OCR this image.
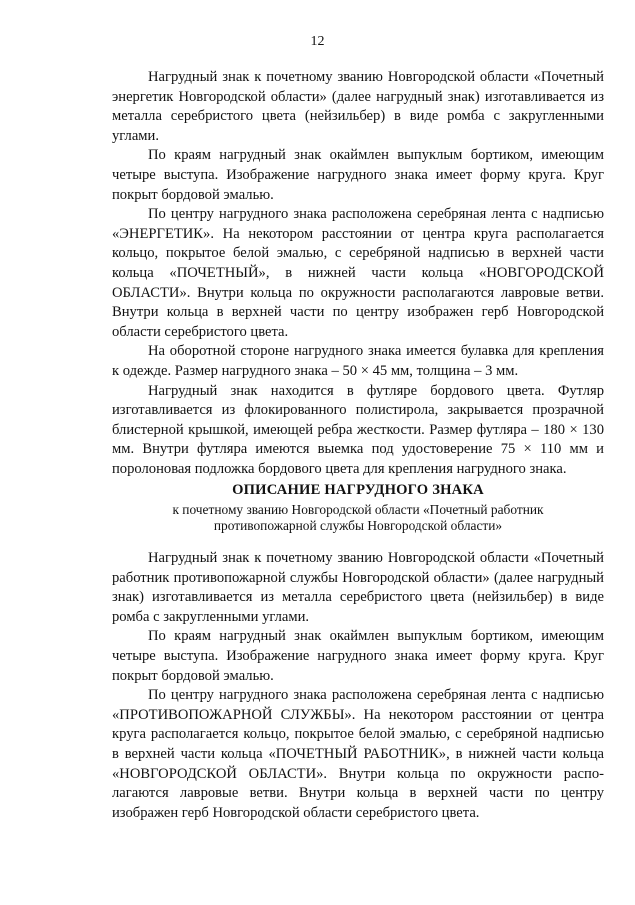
12

Нагрудный знак к почетному званию Новгородской области «Почетный энергетик Новгородской области» (далее нагрудный знак) изготавливается из металла серебристого цвета (нейзильбер) в виде ромба с закругленными углами.

По краям нагрудный знак окаймлен выпуклым бортиком, имеющим четыре выступа. Изображение нагрудного знака имеет форму круга. Круг покрыт бордовой эмалью.

По центру нагрудного знака расположена серебряная лента с надписью «ЭНЕРГЕТИК». На некотором расстоянии от центра круга располагается кольцо, покрытое белой эмалью, с серебряной надписью в верхней части кольца «ПОЧЕТНЫЙ», в нижней части кольца «НОВГОРОДСКОЙ ОБЛАСТИ». Внутри кольца по окружности располагаются лавровые ветви. Внутри кольца в верхней части по центру изображен герб Новгородской области серебристого цвета.

На оборотной стороне нагрудного знака имеется булавка для крепления к одежде. Размер нагрудного знака – 50 × 45 мм, толщина – 3 мм.

Нагрудный знак находится в футляре бордового цвета. Футляр изготавливается из флокированного полистирола, закрывается прозрачной блистерной крышкой, имеющей ребра жесткости. Размер футляра – 180 × 130 мм. Внутри футляра имеются выемка под удостоверение 75 × 110 мм и поролоновая подложка бордового цвета для крепления нагрудного знака.

ОПИСАНИЕ НАГРУДНОГО ЗНАКА

к почетному званию Новгородской области «Почетный работник
противопожарной службы Новгородской области»

Нагрудный знак к почетному званию Новгородской области «Почетный работник противопожарной службы Новгородской области» (далее нагрудный знак) изготавливается из металла серебристого цвета (нейзильбер) в виде ромба с закругленными углами.

По краям нагрудный знак окаймлен выпуклым бортиком, имеющим четыре выступа. Изображение нагрудного знака имеет форму круга. Круг покрыт бордовой эмалью.

По центру нагрудного знака расположена серебряная лента с надписью «ПРОТИВОПОЖАРНОЙ СЛУЖБЫ». На некотором расстоянии от центра круга располагается кольцо, покрытое белой эмалью, с серебряной надписью в верхней части кольца «ПОЧЕТНЫЙ РАБОТНИК», в нижней части кольца «НОВГОРОДСКОЙ ОБЛАСТИ». Внутри кольца по окружности располагаются лавровые ветви. Внутри кольца в верхней части по центру изображен герб Новгородской области серебристого цвета.
